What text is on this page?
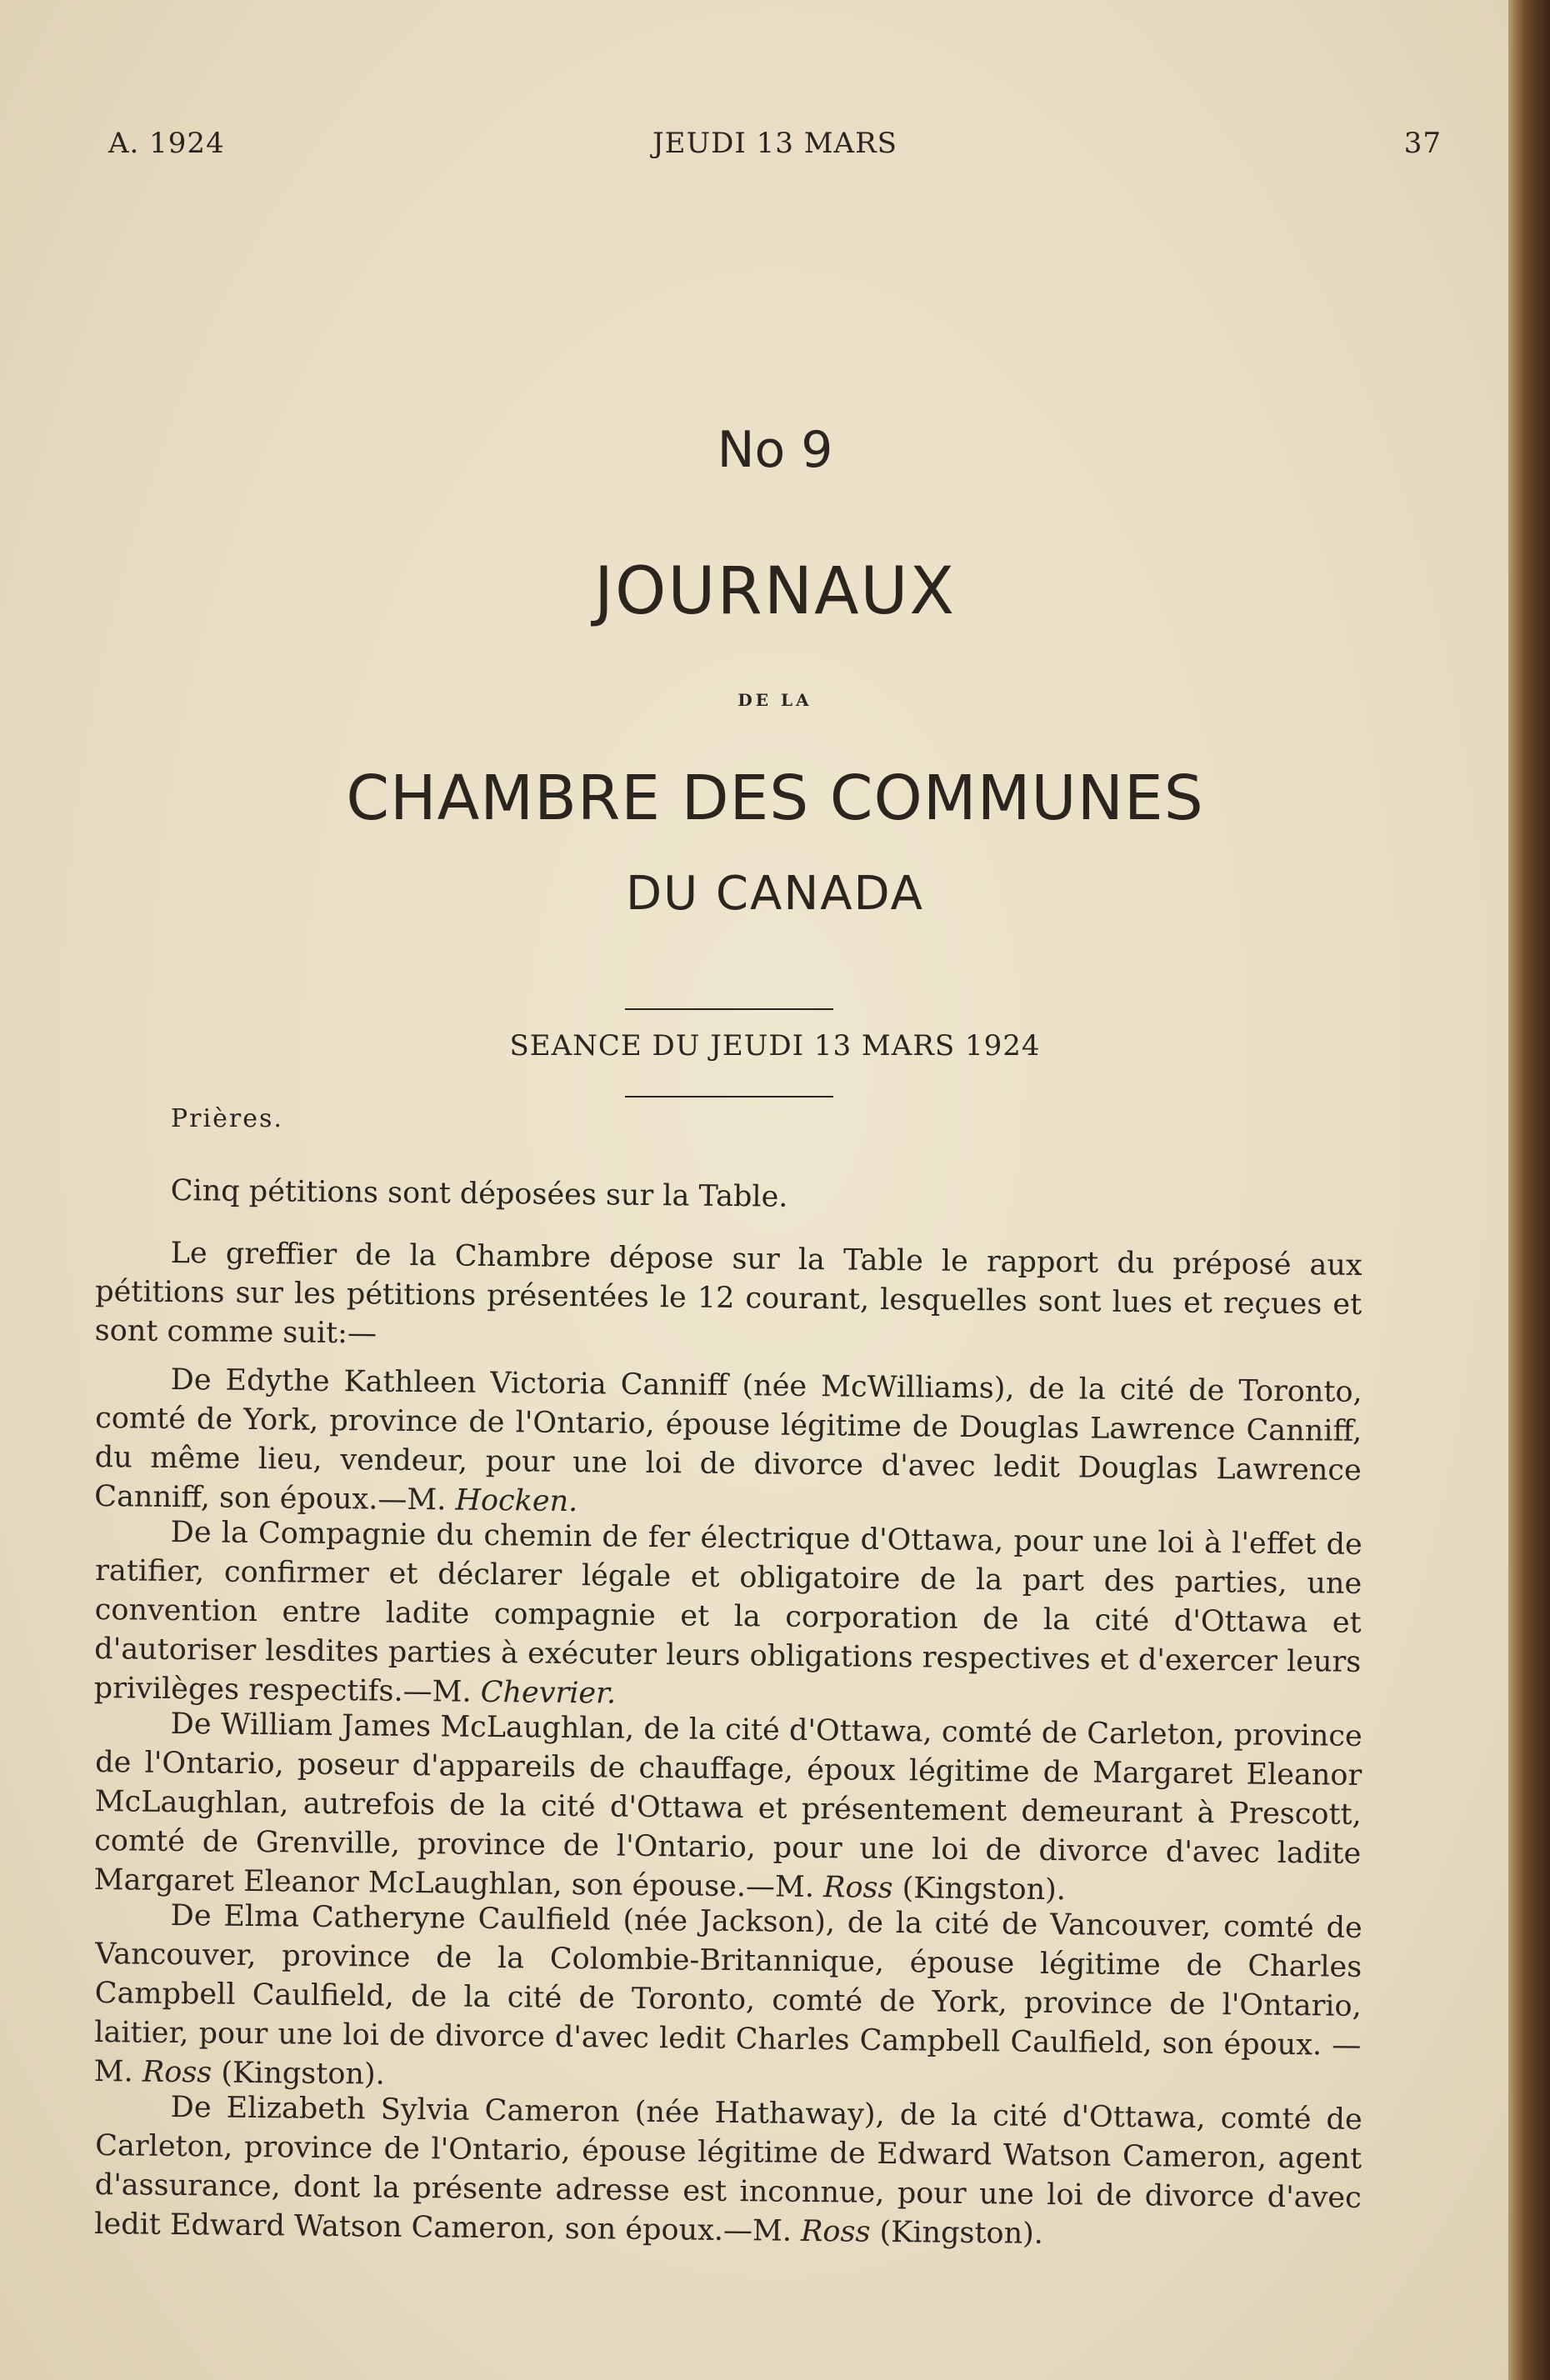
A. 1924	JEUDI 13 MARS	37
No 9
JOURNAUX
DE LA
CHAMBRE DES COMMUNES
DU CANADA
SEANCE DU JEUDI 13 MARS 1924
Prières.
Cinq pétitions sont déposées sur la Table.
Le greffier de la Chambre dépose sur la Table le rapport du préposé aux pétitions sur les pétitions présentées le 12 courant, lesquelles sont lues et reçues et sont comme suit:—
De Edythe Kathleen Victoria Canniff (née McWilliams), de la cité de Toronto, comté de York, province de l'Ontario, épouse légitime de Douglas Lawrence Canniff, du même lieu, vendeur, pour une loi de divorce d'avec ledit Douglas Lawrence Canniff, son époux.—M. Hocken.
De la Compagnie du chemin de fer électrique d'Ottawa, pour une loi à l'effet de ratifier, confirmer et déclarer légale et obligatoire de la part des parties, une convention entre ladite compagnie et la corporation de la cité d'Ottawa et d'autoriser lesdites parties à exécuter leurs obligations respectives et d'exercer leurs privilèges respectifs.—M. Chevrier.
De William James McLaughlan, de la cité d'Ottawa, comté de Carleton, province de l'Ontario, poseur d'appareils de chauffage, époux légitime de Margaret Eleanor McLaughlan, autrefois de la cité d'Ottawa et présentement demeurant à Prescott, comté de Grenville, province de l'Ontario, pour une loi de divorce d'avec ladite Margaret Eleanor McLaughlan, son épouse.—M. Ross (Kingston).
De Elma Catheryne Caulfield (née Jackson), de la cité de Vancouver, comté de Vancouver, province de la Colombie-Britannique, épouse légitime de Charles Campbell Caulfield, de la cité de Toronto, comté de York, province de l'Ontario, laitier, pour une loi de divorce d'avec ledit Charles Campbell Caulfield, son époux. —M. Ross (Kingston).
De Elizabeth Sylvia Cameron (née Hathaway), de la cité d'Ottawa, comté de Carleton, province de l'Ontario, épouse légitime de Edward Watson Cameron, agent d'assurance, dont la présente adresse est inconnue, pour une loi de divorce d'avec ledit Edward Watson Cameron, son époux.—M. Ross (Kingston).
